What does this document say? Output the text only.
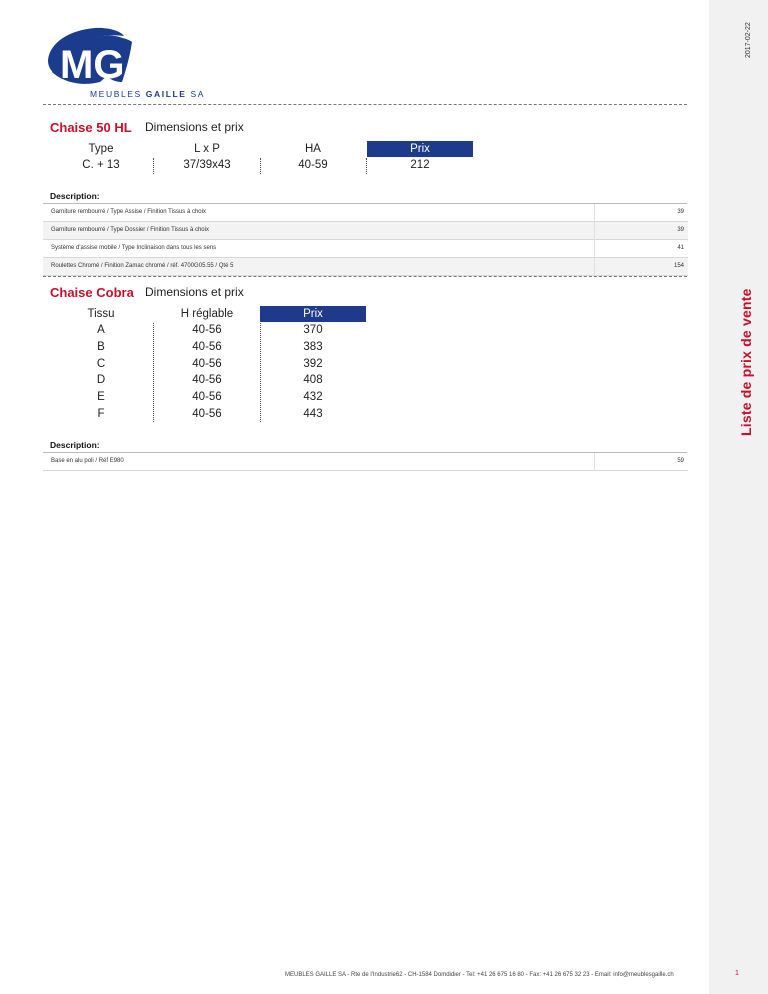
2017-02-22
Liste de prix de vente
1
MG
MEUBLES GAILLE SA
Chaise 50 HL Dimensions et prix
Type	L x P	HA	Prix
C. + 13	37/39x43	40-59	212
Description:
Garniture rembourré / Type Assise / Finition Tissus à choix	39
Garniture rembourré / Type Dossier / Finition Tissus à choix	39
Système d'assise mobile / Type Inclinaison dans tous les sens	41
Roulettes Chromé / Finition Zamac chromé / réf. 4700G05.55 / Qté 5	154
Chaise Cobra Dimensions et prix
Tissu	H réglable	Prix
A	40-56	370
B	40-56	383
C	40-56	392
D	40-56	408
E	40-56	432
F	40-56	443
Description:
Base en alu poli / Réf E980	59
MEUBLES GAILLE SA - Rte de l'Industrie62 - CH-1584 Domdidier - Tel: +41 26 675 16 80 - Fax: +41 26 675 32 23 - Email: info@meublesgaille.ch
